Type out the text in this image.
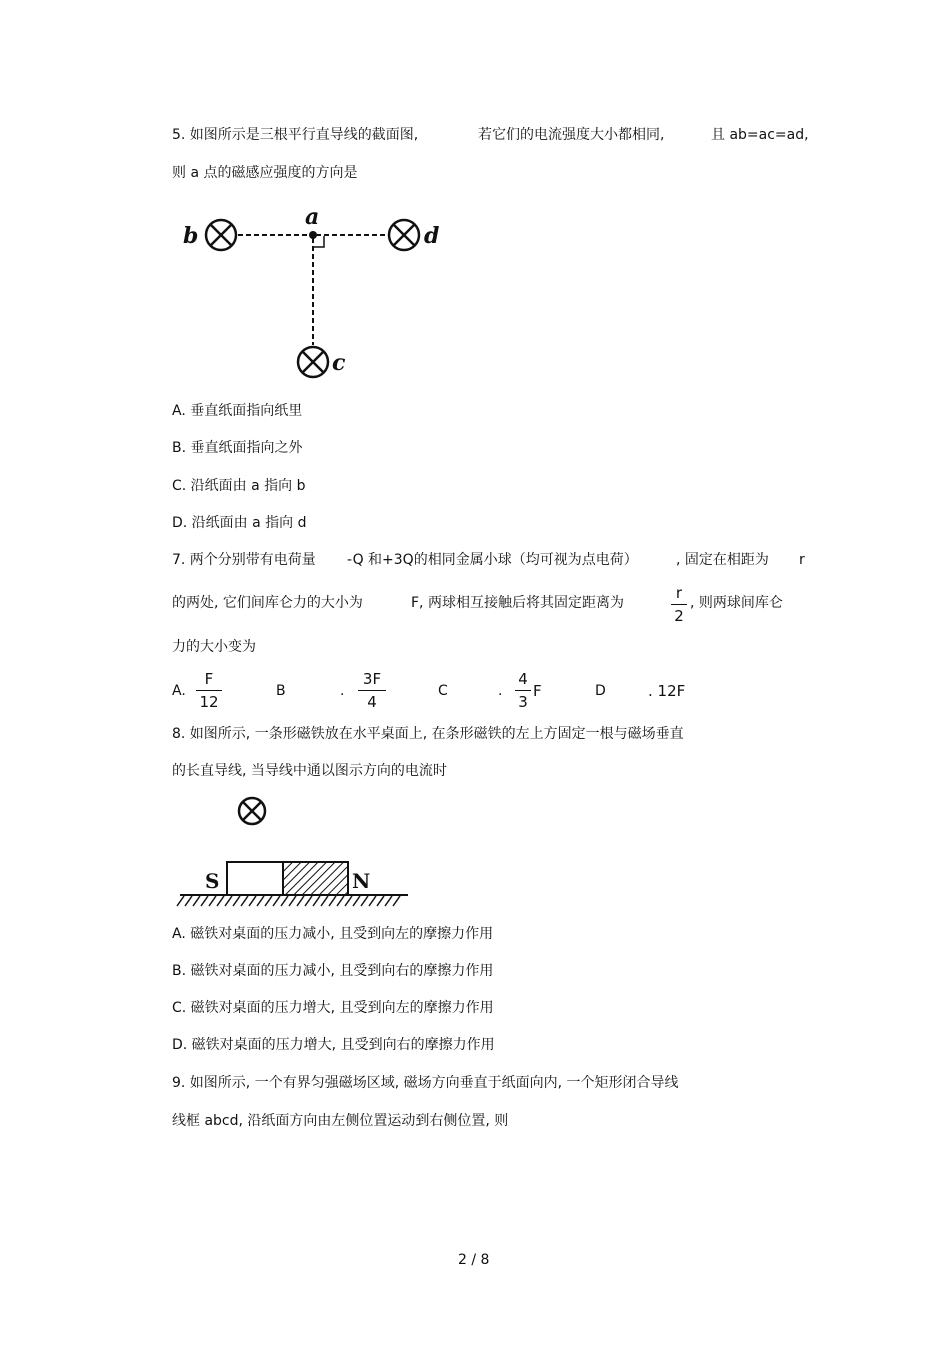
5. 如图所示是三根平行直导线的截面图,	若它们的电流强度大小都相同,	且 ab=ac=ad,
则 a 点的磁感应强度的方向是
b
a
d
c
S	N
A. 垂直纸面指向纸里
B. 垂直纸面指向之外
C. 沿纸面由 a 指向 b
D. 沿纸面由 a 指向 d
7. 两个分别带有电荷量 -Q 和+3Q的相同金属小球（均可视为点电荷）	, 固定在相距为 r
的两处, 它们间库仑力的大小为	F, 两球相互接触后将其固定距离为
r
2
, 则两球间库仑
力的大小变为
A.
F
12
B	.
3F
4
C	.
4
3
F	D	. 12F
8. 如图所示, 一条形磁铁放在水平桌面上, 在条形磁铁的左上方固定一根与磁场垂直
的长直导线, 当导线中通以图示方向的电流时
A. 磁铁对桌面的压力减小, 且受到向左的摩擦力作用
B. 磁铁对桌面的压力减小, 且受到向右的摩擦力作用
C. 磁铁对桌面的压力增大, 且受到向左的摩擦力作用
D. 磁铁对桌面的压力增大, 且受到向右的摩擦力作用
9. 如图所示, 一个有界匀强磁场区域, 磁场方向垂直于纸面向内, 一个矩形闭合导线
线框 abcd, 沿纸面方向由左侧位置运动到右侧位置, 则
2 / 8
